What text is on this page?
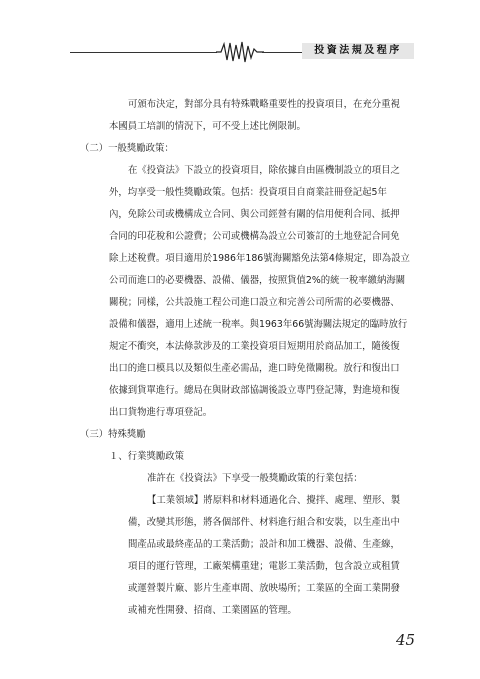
投資法規及程序
可頒布決定，對部分具有特殊戰略重要性的投資項目，在充分重視
本國員工培訓的情況下，可不受上述比例限制。
（二）一般獎勵政策：
在《投資法》下設立的投資項目，除依據自由區機制設立的項目之
外，均享受一般性獎勵政策。包括：投資項目自商業註冊登記起5年
內，免除公司或機構成立合同、與公司經營有關的信用便利合同、抵押
合同的印花稅和公證費；公司或機構為設立公司簽訂的土地登記合同免
除上述稅費。項目適用於1986年186號海關豁免法第4條規定，即為設立
公司而進口的必要機器、設備、儀器，按照貨值2%的統一稅率繳納海關
關稅；同樣，公共設施工程公司進口設立和完善公司所需的必要機器、
設備和儀器，適用上述統一稅率。與1963年66號海關法規定的臨時放行
規定不衝突，本法條款涉及的工業投資項目短期用於商品加工，隨後復
出口的進口模具以及類似生產必需品，進口時免徵關稅。放行和復出口
依據到貨單進行。總局在與財政部協調後設立專門登記簿，對進境和復
出口貨物進行專項登記。
（三）特殊獎勵
１、行業獎勵政策
准許在《投資法》下享受一般獎勵政策的行業包括：
【工業領域】將原料和材料通過化合、攪拌、處理、塑形、製
備，改變其形態，將各個部件、材料進行組合和安裝，以生產出中
間產品或最終產品的工業活動；設計和加工機器、設備、生產線，
項目的運行管理，工廠架構重建；電影工業活動，包含設立或租賃
或運營製片廠、影片生產車間、放映場所；工業區的全面工業開發
或補充性開發、招商、工業園區的管理。
45
